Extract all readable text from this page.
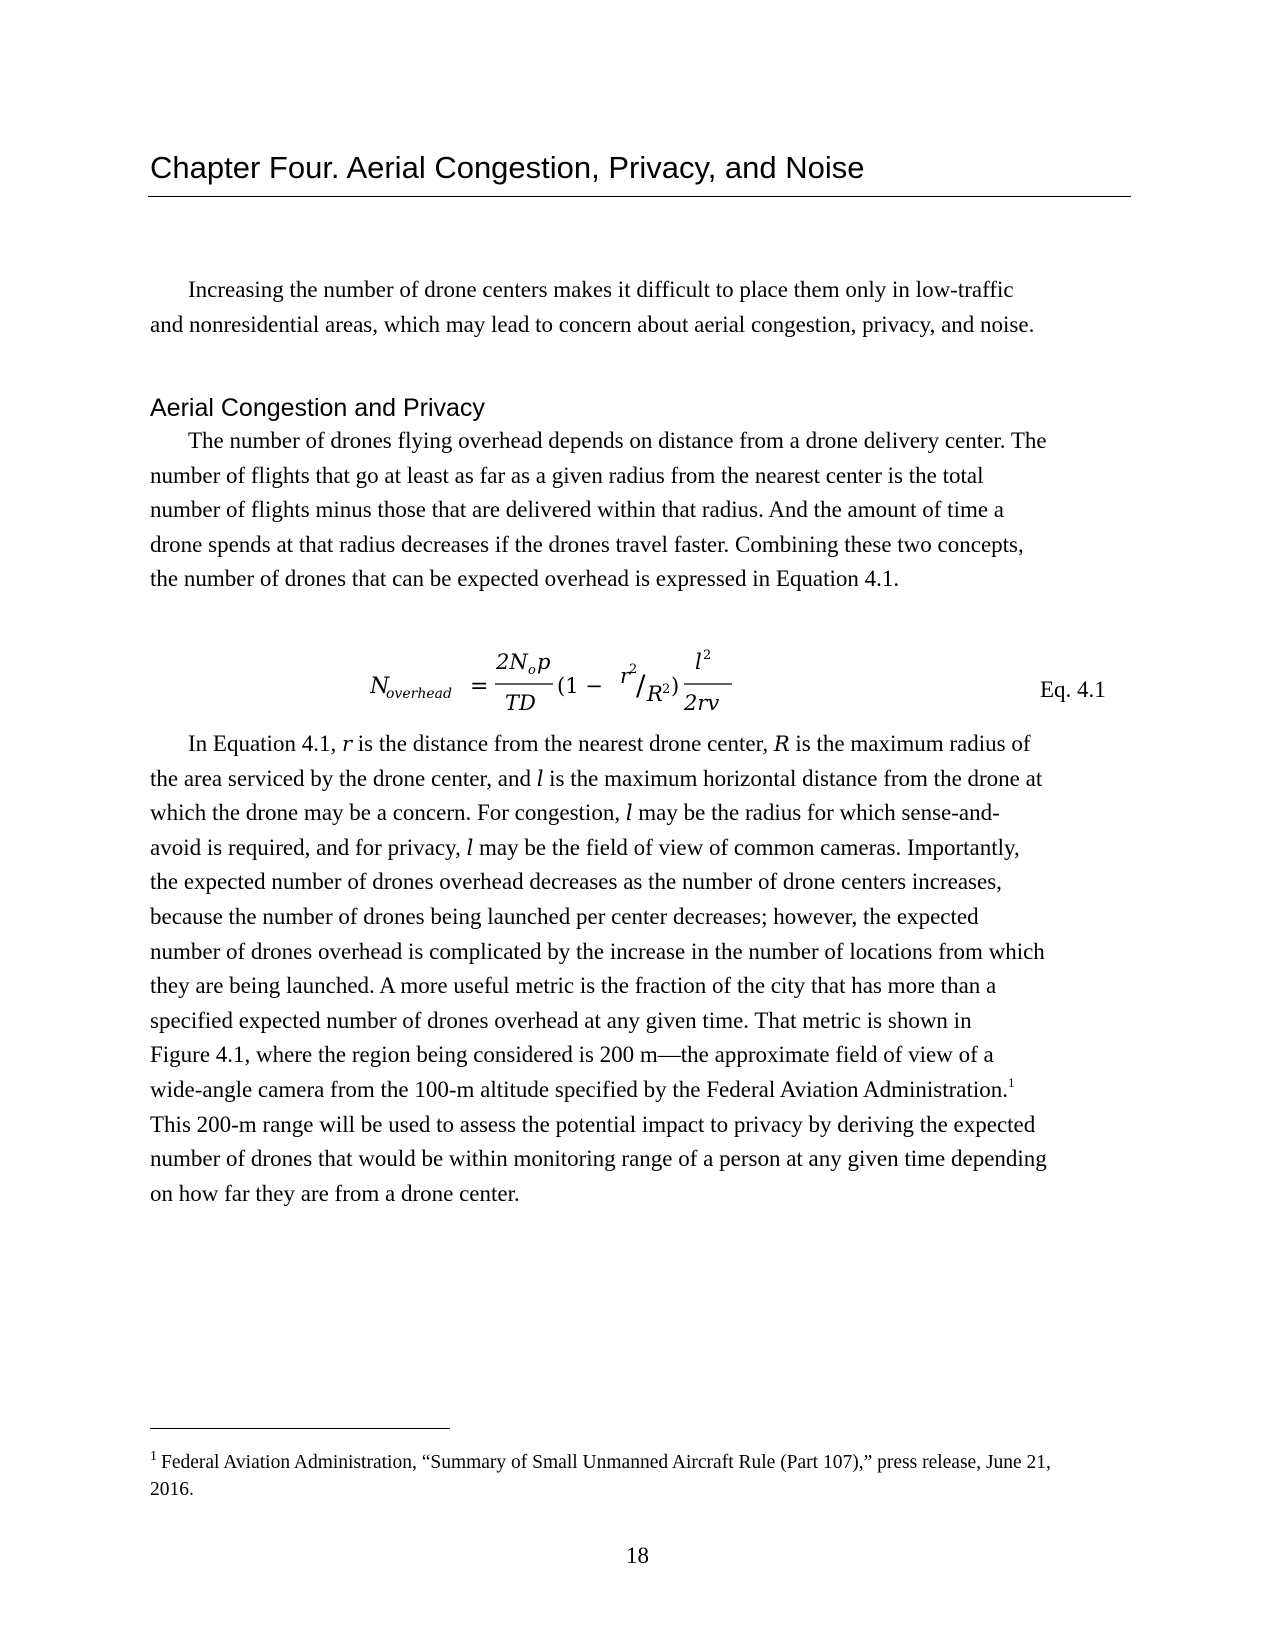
Chapter Four. Aerial Congestion, Privacy, and Noise

Increasing the number of drone centers makes it difficult to place them only in low-traffic
and nonresidential areas, which may lead to concern about aerial congestion, privacy, and noise.

Aerial Congestion and Privacy

The number of drones flying overhead depends on distance from a drone delivery center. The
number of flights that go at least as far as a given radius from the nearest center is the total
number of flights minus those that are delivered within that radius. And the amount of time a
drone spends at that radius decreases if the drones travel faster. Combining these two concepts,
the number of drones that can be expected overhead is expressed in Equation 4.1.

N
overhead =
2N o p
TD
(1 − r
2
/ R 2 )
l 2
2rv
Eq. 4.1

In Equation 4.1, r is the distance from the nearest drone center, R is the maximum radius of
the area serviced by the drone center, and l is the maximum horizontal distance from the drone at
which the drone may be a concern. For congestion, l may be the radius for which sense-and-
avoid is required, and for privacy, l may be the field of view of common cameras. Importantly,
the expected number of drones overhead decreases as the number of drone centers increases,
because the number of drones being launched per center decreases; however, the expected
number of drones overhead is complicated by the increase in the number of locations from which
they are being launched. A more useful metric is the fraction of the city that has more than a
specified expected number of drones overhead at any given time. That metric is shown in
Figure 4.1, where the region being considered is 200 m—the approximate field of view of a
wide-angle camera from the 100-m altitude specified by the Federal Aviation Administration.$^1$
This 200-m range will be used to assess the potential impact to privacy by deriving the expected
number of drones that would be within monitoring range of a person at any given time depending
on how far they are from a drone center.

$^1$ Federal Aviation Administration, “Summary of Small Unmanned Aircraft Rule (Part 107),” press release, June 21,
2016.

18
